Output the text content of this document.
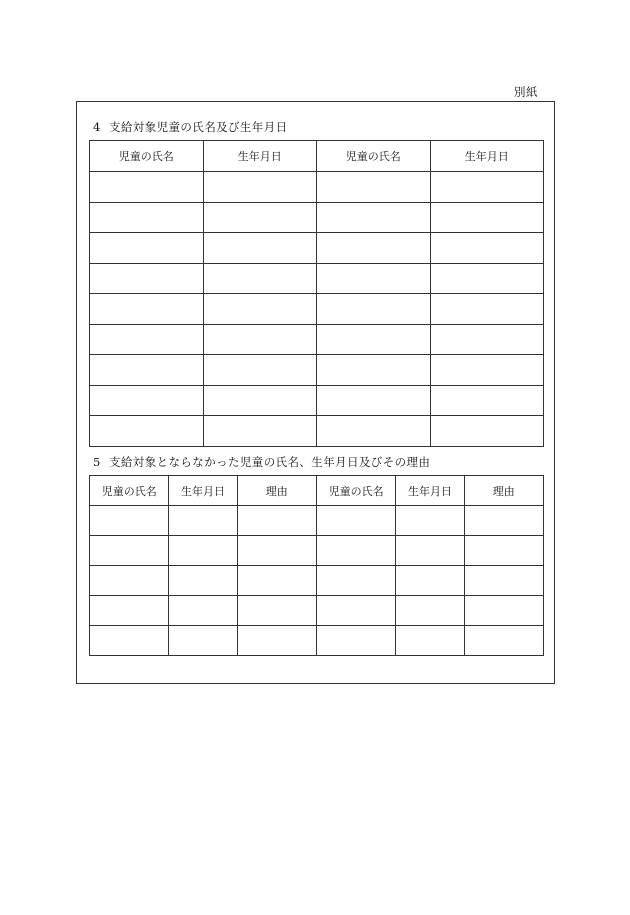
別紙
4 支給対象児童の氏名及び生年月日
児童の氏名	生年月日	児童の氏名	生年月日

5 支給対象とならなかった児童の氏名、生年月日及びその理由
児童の氏名	生年月日	理由	児童の氏名	生年月日	理由
